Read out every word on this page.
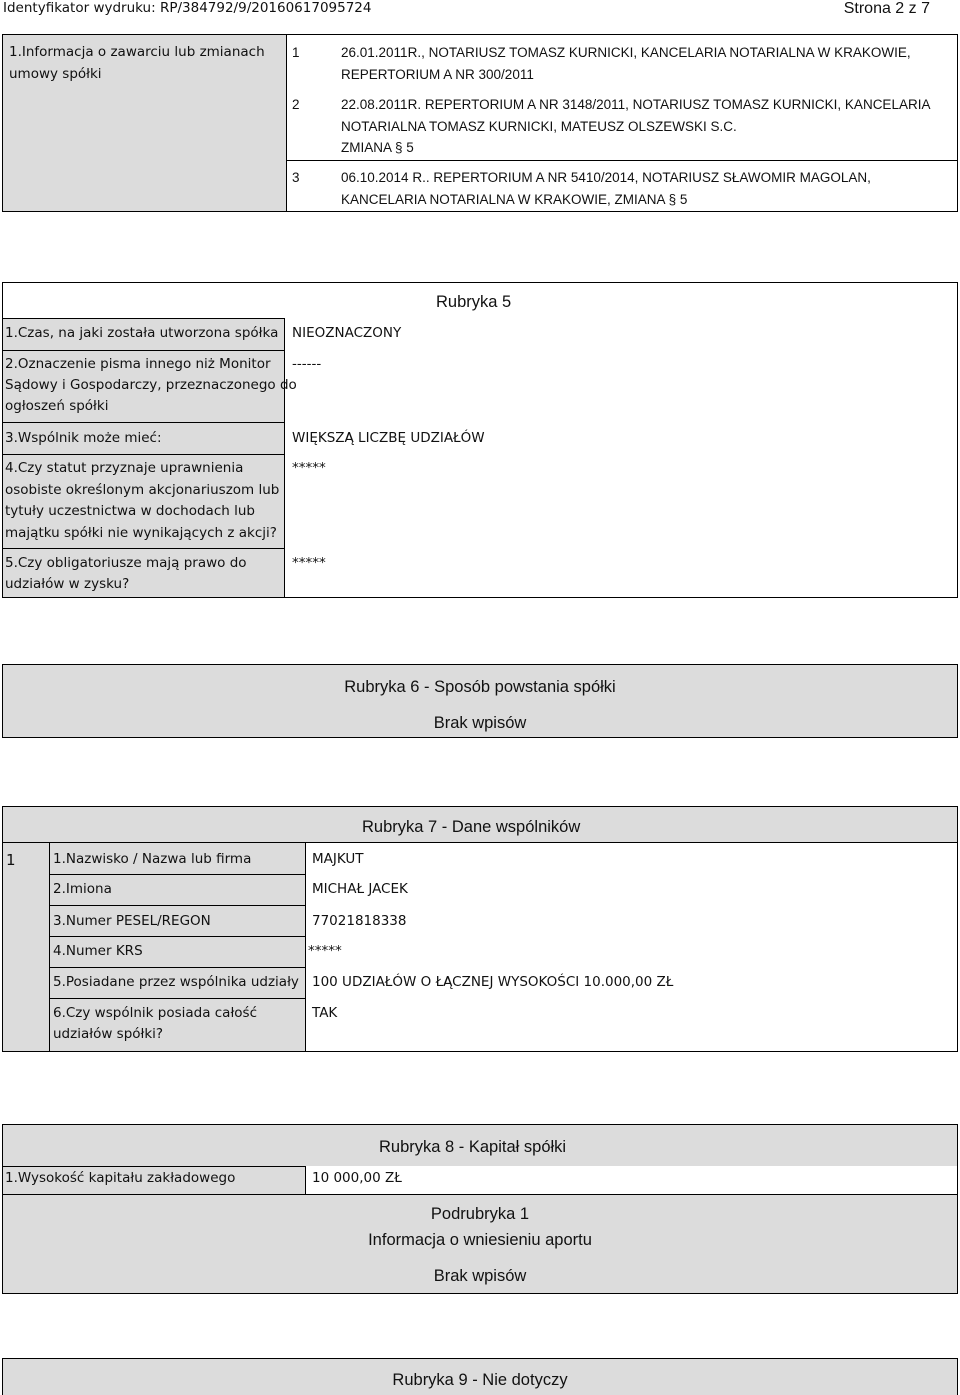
Identyfikator wydruku: RP/384792/9/20160617095724	Strona 2 z 7
1.Informacja o zawarciu lub zmianach
umowy spółki
1	26.01.2011R., NOTARIUSZ TOMASZ KURNICKI, KANCELARIA NOTARIALNA W KRAKOWIE,
REPERTORIUM A NR 300/2011
2	22.08.2011R. REPERTORIUM A NR 3148/2011, NOTARIUSZ TOMASZ KURNICKI, KANCELARIA
NOTARIALNA TOMASZ KURNICKI, MATEUSZ OLSZEWSKI S.C.
ZMIANA § 5
3	06.10.2014 R.. REPERTORIUM A NR 5410/2014, NOTARIUSZ SŁAWOMIR MAGOLAN,
KANCELARIA NOTARIALNA W KRAKOWIE, ZMIANA § 5
Rubryka 5
1.Czas, na jaki została utworzona spółka NIEOZNACZONY
2.Oznaczenie pisma innego niż Monitor
Sądowy i Gospodarczy, przeznaczonego do
ogłoszeń spółki
------
3.Wspólnik może mieć:	WIĘKSZĄ LICZBĘ UDZIAŁÓW
4.Czy statut przyznaje uprawnienia
osobiste określonym akcjonariuszom lub
tytuły uczestnictwa w dochodach lub
majątku spółki nie wynikających z akcji?
*****
5.Czy obligatoriusze mają prawo do
udziałów w zysku?
*****
Rubryka 6 - Sposób powstania spółki
Brak wpisów
Rubryka 7 - Dane wspólników
1	1.Nazwisko / Nazwa lub firma	MAJKUT
2.Imiona	MICHAŁ JACEK
3.Numer PESEL/REGON	77021818338
4.Numer KRS	*****
5.Posiadane przez wspólnika udziały 100 UDZIAŁÓW O ŁĄCZNEJ WYSOKOŚCI 10.000,00 ZŁ
6.Czy wspólnik posiada całość
udziałów spółki?
TAK
Rubryka 8 - Kapitał spółki
1.Wysokość kapitału zakładowego	10 000,00 ZŁ
Podrubryka 1
Informacja o wniesieniu aportu
Brak wpisów
Rubryka 9 - Nie dotyczy
